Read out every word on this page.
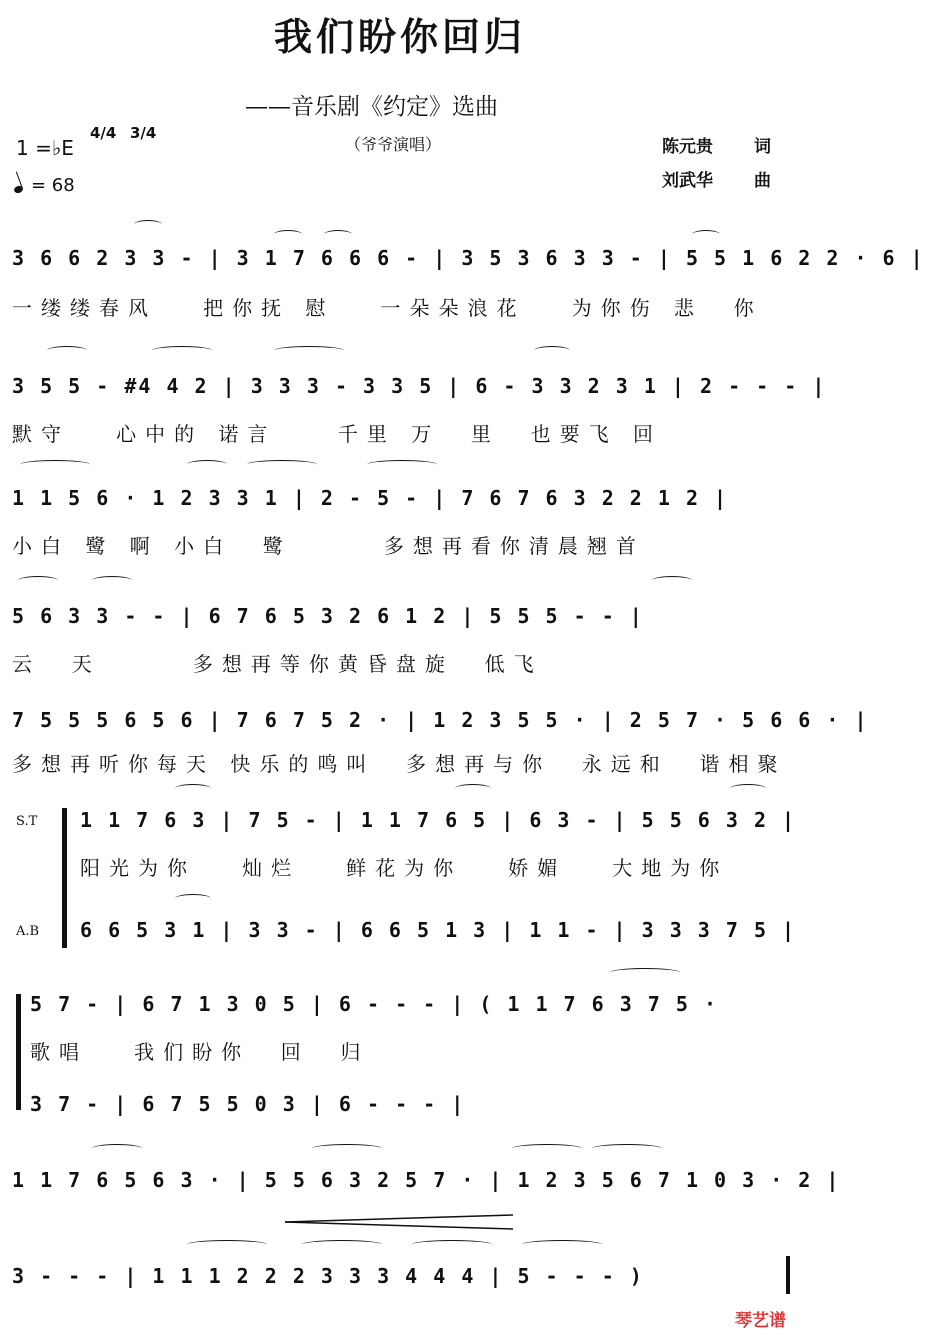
我们盼你回归
——音乐剧《约定》选曲
（爷爷演唱）
1 =♭E
4/4 3/4
= 68
陈元贵 词
刘武华 曲
3 6 6 2 3 3 - | 3 1 7 6 6 6 - | 3 5 3 6 3 3 - | 5 5 1 6 2 2 · 6 |
一缕缕春风   把你抚 慰   一朵朵浪花   为你伤 悲  你
3 5 5 - #4 4 2 | 3 3 3 - 3 3 5 | 6 - 3 3 2 3 1 | 2 - - - |
默守   心中的 诺言    千里 万  里  也要飞 回
1 1 5 6 · 1 2 3 3 1 | 2 - 5 - | 7 6 7 6 3 2 2 1 2 |
小白 鹭 啊 小白  鹭      多想再看你清晨翘首
5 6 3 3 - - | 6 7 6 5 3 2 6 1 2 | 5 5 5 - - |
云  天      多想再等你黄昏盘旋  低飞
7 5 5 5 6 5 6 | 7 6 7 5 2 · | 1 2 3 5 5 · | 2 5 7 · 5 6 6 · |
多想再听你每天 快乐的鸣叫  多想再与你  永远和  谐相聚
S.T
A.B
1 1 7 6 3 | 7 5 - | 1 1 7 6 5 | 6 3 - | 5 5 6 3 2 |
阳光为你   灿烂   鲜花为你   娇媚   大地为你
6 6 5 3 1 | 3 3 - | 6 6 5 1 3 | 1 1 - | 3 3 3 7 5 |
5 7 - | 6 7 1 3 0 5 | 6 - - - | ( 1 1 7 6 3 7 5 ·
歌唱   我们盼你  回  归
3 7 - | 6 7 5 5 0 3 | 6 - - - |
1 1 7 6 5 6 3 · | 5 5 6 3 2 5 7 · | 1 2 3 5 6 7 1 0 3 · 2 |
3 - - - | 1 1 1 2 2 2 3 3 3 4 4 4 | 5 - - - )
琴艺谱
